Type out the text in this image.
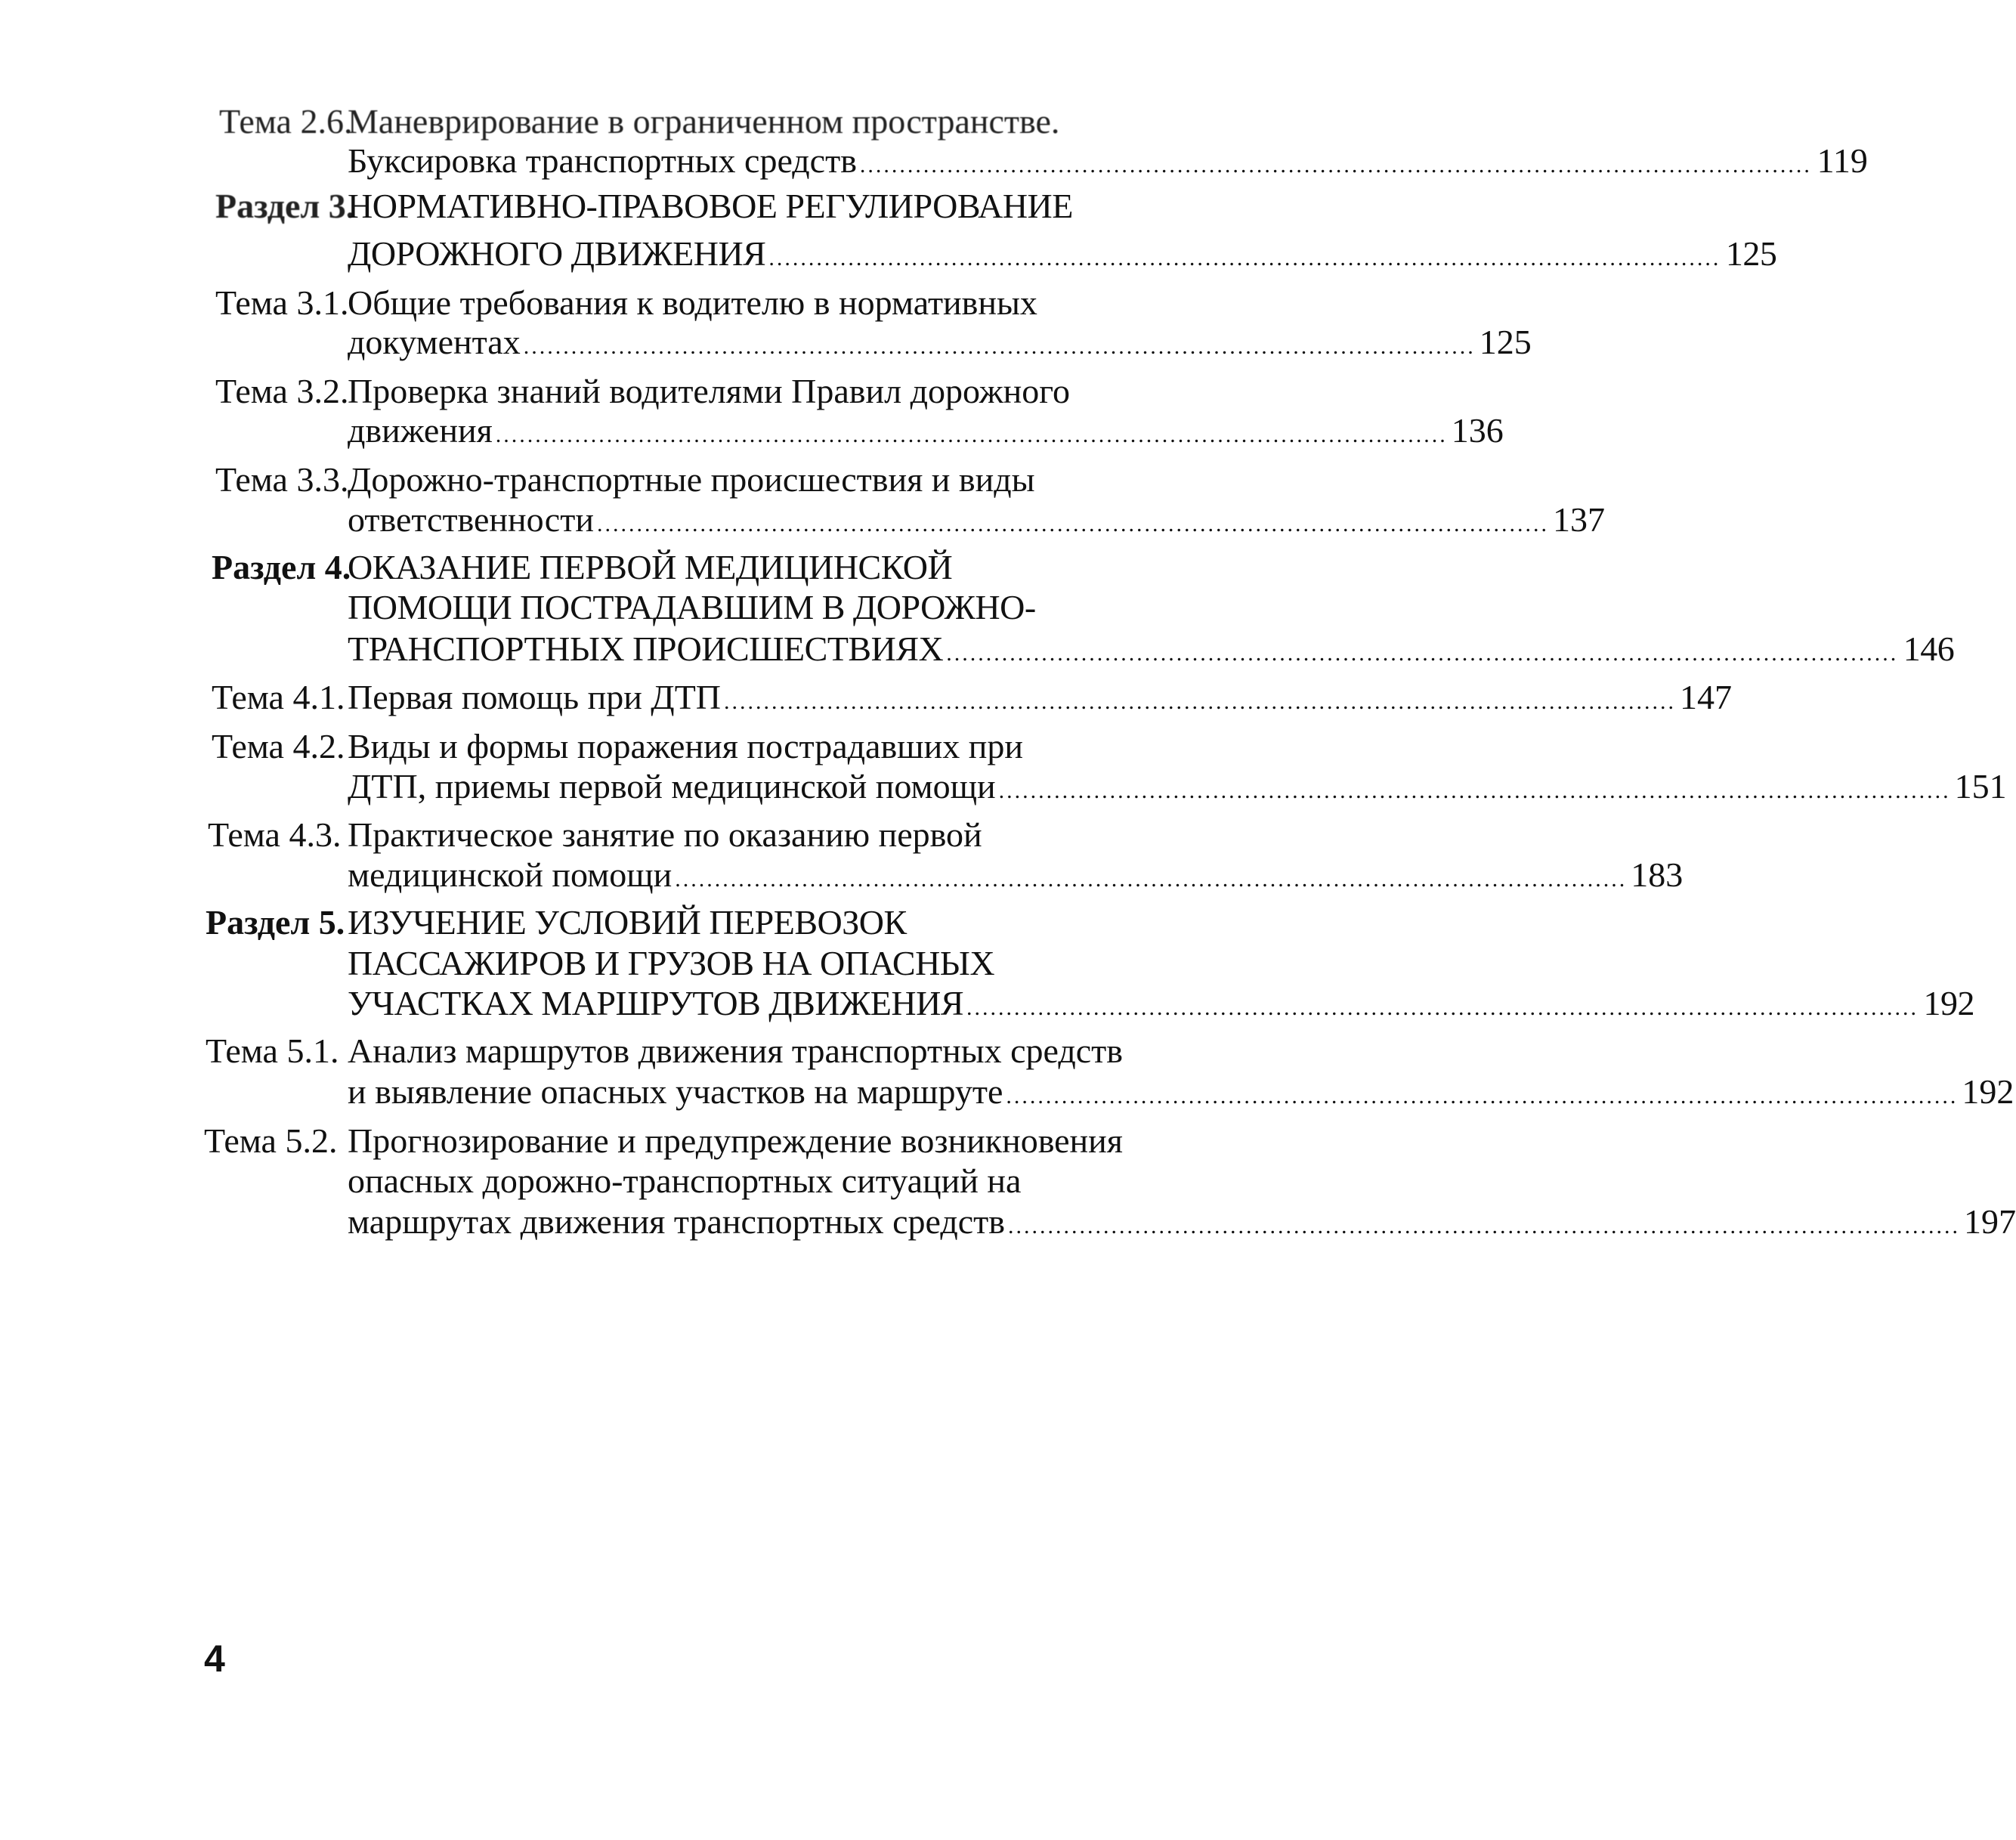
Тема 2.6.
Маневрирование в ограниченном пространстве.
Буксировка транспортных средств ........................................................................................................................ 119
Раздел 3.
НОРМАТИВНО-ПРАВОВОЕ РЕГУЛИРОВАНИЕ
ДОРОЖНОГО ДВИЖЕНИЯ ........................................................................................................................ 125
Тема 3.1.
Общие требования к водителю в нормативных
документах ........................................................................................................................ 125
Тема 3.2.
Проверка знаний водителями Правил дорожного
движения ........................................................................................................................ 136
Тема 3.3.
Дорожно-транспортные происшествия и виды
ответственности ........................................................................................................................ 137
Раздел 4.
ОКАЗАНИЕ ПЕРВОЙ МЕДИЦИНСКОЙ
ПОМОЩИ ПОСТРАДАВШИМ В ДОРОЖНО-
ТРАНСПОРТНЫХ ПРОИСШЕСТВИЯХ ........................................................................................................................ 146
Тема 4.1. Первая помощь при ДТП ........................................................................................................................ 147
Тема 4.2. Виды и формы поражения пострадавших при
ДТП, приемы первой медицинской помощи ........................................................................................................................ 151
Тема 4.3. Практическое занятие по оказанию первой
медицинской помощи ........................................................................................................................ 183
Раздел 5. ИЗУЧЕНИЕ УСЛОВИЙ ПЕРЕВОЗОК
ПАССАЖИРОВ И ГРУЗОВ НА ОПАСНЫХ
УЧАСТКАХ МАРШРУТОВ ДВИЖЕНИЯ ........................................................................................................................ 192
Тема 5.1. Анализ маршрутов движения транспортных средств
и выявление опасных участков на маршруте ........................................................................................................................ 192
Тема 5.2. Прогнозирование и предупреждение возникновения
опасных дорожно-транспортных ситуаций на
маршрутах движения транспортных средств ........................................................................................................................ 197
4
